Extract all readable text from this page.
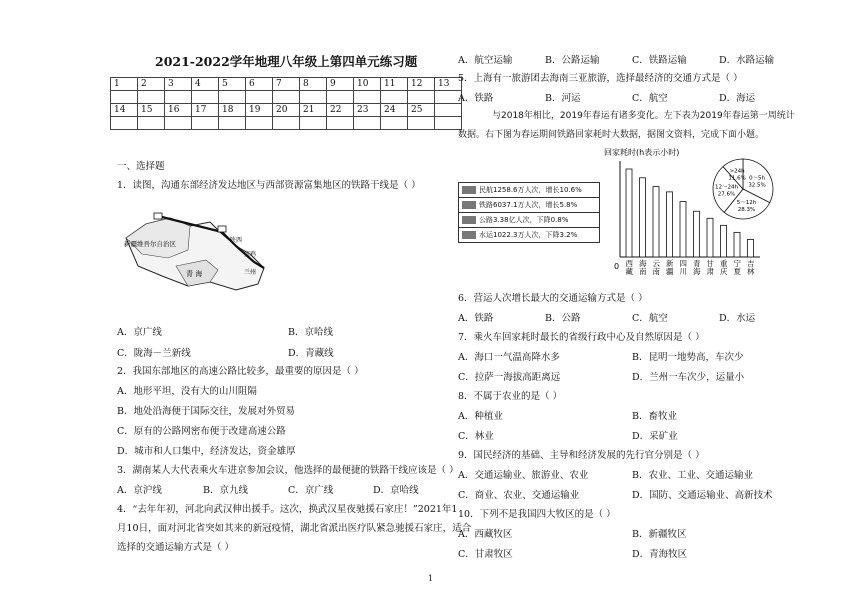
2021-2022学年地理八年级上第四单元练习题
1	2	3	4	5	6	7	8	9	10	11	12	13

14	15	16	17	18	19	20	21	22	23	24	25	

一、选择题
1．读图，沟通东部经济发达地区与西部资源富集地区的铁路干线是（ ）
新疆维吾尔自治区
青 海
陕西
宝鸡
兰州
A．京广线	B．京哈线
C．陇海－兰新线	D．青藏线
2．我国东部地区的高速公路比较多，最重要的原因是（ ）
A．地形平坦，没有大的山川阻隔
B．地处沿海便于国际交往，发展对外贸易
C．原有的公路网密布便于改建高速公路
D．城市和人口集中，经济发达，资金雄厚
3．湖南某人大代表乘火车进京参加会议，他选择的最便捷的铁路干线应该是（ ）
A．京沪线	B．京九线	C．京广线	D．京哈线
4．“去年年初，河北向武汉伸出援手。这次，换武汉星夜驰援石家庄！”2021年1
月10日，面对河北省突如其来的新冠疫情，湖北省派出医疗队紧急驰援石家庄，适合
选择的交通运输方式是（ ）
A．航空运输	B．公路运输	C．铁路运输	D．水路运输
5．上海有一旅游团去海南三亚旅游，选择最经济的交通方式是（ ）
A．铁路	B．河运	C．航空	D．海运
与2018年相比，2019年春运有诸多变化。左下表为2019年春运第一周统计
数据。右下图为春运期间铁路回家耗时大数据，据图文资料，完成下面小题。
民航1258.6万人次，增长10.6%
铁路6037.1万人次，增长5.8%
公路3.38亿人次，下降0.8%
水运1022.3万人次，下降3.2%
回家耗时(h表示小时)
0 西
藏
海
南
云
南
新
疆
四
川
青
海
甘
肃
重
庆
宁
夏
吉
林
0～5h
32.5%
5～12h
28.3%
12～24h
27.6%
>24h
11.6%
6．营运人次增长最大的交通运输方式是（ ）
A．铁路	B．公路	C．航空	D．水运
7．乘火车回家耗时最长的省级行政中心及自然原因是（ ）
A．海口一气温高降水多	B．昆明一地势高，车次少
C．拉萨一海拔高距离远	D．兰州一车次少，运量小
8．不属于农业的是（ ）
A．种植业	B．畜牧业
C．林业	D．采矿业
9．国民经济的基础、主导和经济发展的先行官分别是（ ）
A．交通运输业、旅游业、农业	B．农业、工业、交通运输业
C．商业、农业、交通运输业	D．国防、交通运输业、高新技术
10．下列不是我国四大牧区的是（ ）
A．西藏牧区	B．新疆牧区
C．甘肃牧区	D．青海牧区
1
